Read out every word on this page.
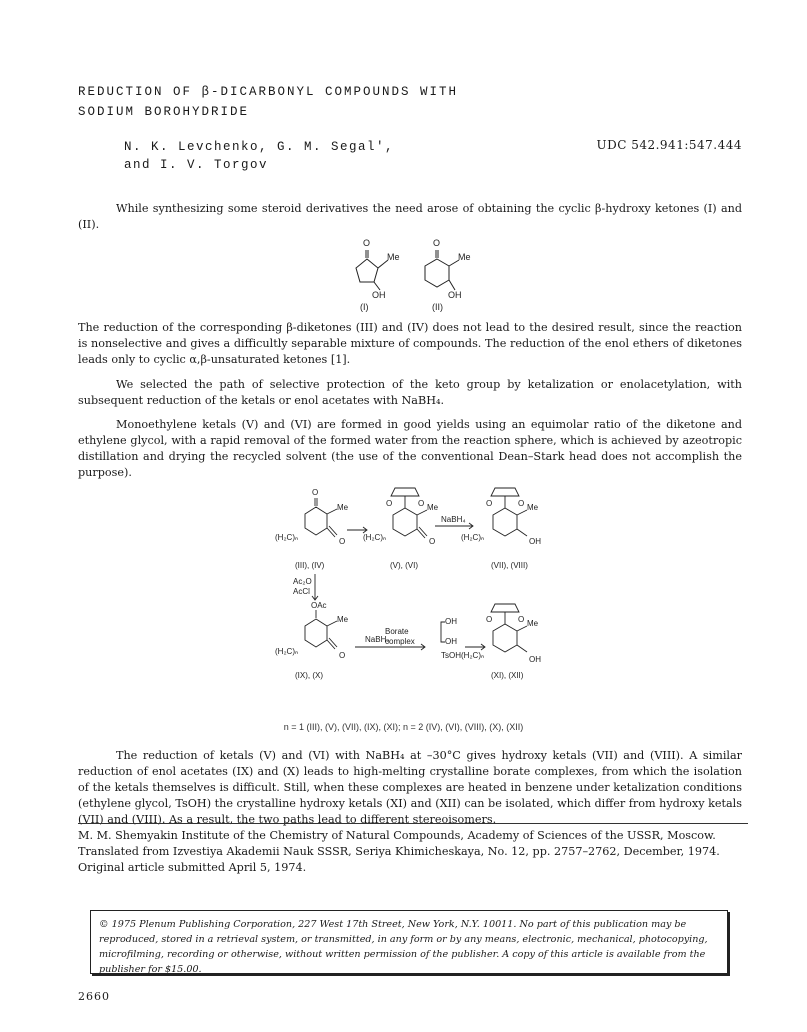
REDUCTION OF β-DICARBONYL COMPOUNDS WITH
SODIUM BOROHYDRIDE
N. K. Levchenko, G. M. Segal',
and I. V. Torgov
UDC 542.941:547.444

While synthesizing some steroid derivatives the need arose of obtaining the cyclic β-hydroxy ketones (I) and (II).

O
Me
OH
(I)
O
Me
OH
(II)

The reduction of the corresponding β-diketones (III) and (IV) does not lead to the desired result, since the reaction is nonselective and gives a difficultly separable mixture of compounds. The reduction of the enol ethers of diketones leads only to cyclic α,β-unsaturated ketones [1].

We selected the path of selective protection of the keto group by ketalization or enolacetylation, with subsequent reduction of the ketals or enol acetates with NaBH₄.

Monoethylene ketals (V) and (VI) are formed in good yields using an equimolar ratio of the diketone and ethylene glycol, with a rapid removal of the formed water from the reaction sphere, which is achieved by azeotropic distillation and drying the recycled solvent (the use of the conventional Dean–Stark head does not accomplish the purpose).

O
Me
(H₂C)ₙ	O
(III), (IV)
O	O Me
(H₂C)ₙ	O
(V), (VI)
NaBH₄
O	O Me
(H₂C)ₙ	OH
(VII), (VIII)
Ac₂O
AcCl
OAc
Me
(H₂C)ₙ	O
(IX), (X)
NaBH₄
Borate
complex
OH
OH
TsOH
O	O Me
(H₂C)ₙ	OH
(XI), (XII)
n = 1 (III), (V), (VII), (IX), (XI); n = 2 (IV), (VI), (VIII), (X), (XII)

The reduction of ketals (V) and (VI) with NaBH₄ at –30°C gives hydroxy ketals (VII) and (VIII). A similar reduction of enol acetates (IX) and (X) leads to high-melting crystalline borate complexes, from which the isolation of the ketals themselves is difficult. Still, when these complexes are heated in benzene under ketalization conditions (ethylene glycol, TsOH) the crystalline hydroxy ketals (XI) and (XII) can be isolated, which differ from hydroxy ketals (VII) and (VIII). As a result, the two paths lead to different stereoisomers.

M. M. Shemyakin Institute of the Chemistry of Natural Compounds, Academy of Sciences of the USSR, Moscow. Translated from Izvestiya Akademii Nauk SSSR, Seriya Khimicheskaya, No. 12, pp. 2757–2762, December, 1974. Original article submitted April 5, 1974.

© 1975 Plenum Publishing Corporation, 227 West 17th Street, New York, N.Y. 10011. No part of this publication may be reproduced, stored in a retrieval system, or transmitted, in any form or by any means, electronic, mechanical, photocopying, microfilming, recording or otherwise, without written permission of the publisher. A copy of this article is available from the publisher for $15.00.

2660
